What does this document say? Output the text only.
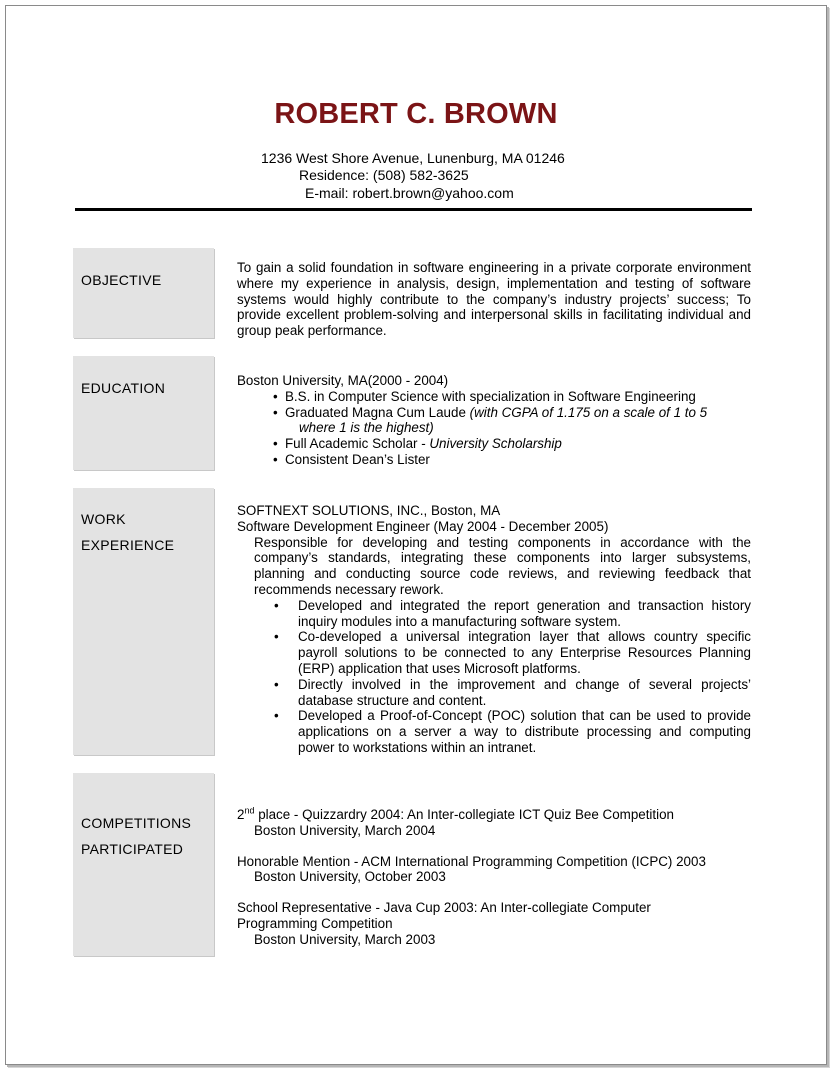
ROBERT C. BROWN
1236 West Shore Avenue, Lunenburg, MA 01246
Residence: (508) 582-3625
E-mail: robert.brown@yahoo.com
OBJECTIVE
To gain a solid foundation in software engineering in a private corporate environment where my experience in analysis, design, implementation and testing of software systems would highly contribute to the company’s industry projects’ success; To provide excellent problem-solving and interpersonal skills in facilitating individual and group peak performance.
EDUCATION	Boston University, MA(2000 - 2004)
• B.S. in Computer Science with specialization in Software Engineering
• Graduated Magna Cum Laude (with CGPA of 1.175 on a scale of 1 to 5
where 1 is the highest)
• Full Academic Scholar - University Scholarship
• Consistent Dean’s Lister
WORK
EXPERIENCE
SOFTNEXT SOLUTIONS, INC., Boston, MA
Software Development Engineer (May 2004 - December 2005)
Responsible for developing and testing components in accordance with the company’s standards, integrating these components into larger subsystems, planning and conducting source code reviews, and reviewing feedback that recommends necessary rework.
• Developed and integrated the report generation and transaction history inquiry modules into a manufacturing software system.
• Co-developed a universal integration layer that allows country specific payroll solutions to be connected to any Enterprise Resources Planning (ERP) application that uses Microsoft platforms.
• Directly involved in the improvement and change of several projects’ database structure and content.
• Developed a Proof-of-Concept (POC) solution that can be used to provide applications on a server a way to distribute processing and computing power to workstations within an intranet.
COMPETITIONS
PARTICIPATED
2nd place - Quizzardry 2004: An Inter-collegiate ICT Quiz Bee Competition
Boston University, March 2004
Honorable Mention - ACM International Programming Competition (ICPC) 2003
Boston University, October 2003
School Representative - Java Cup 2003: An Inter-collegiate Computer
Programming Competition
Boston University, March 2003
